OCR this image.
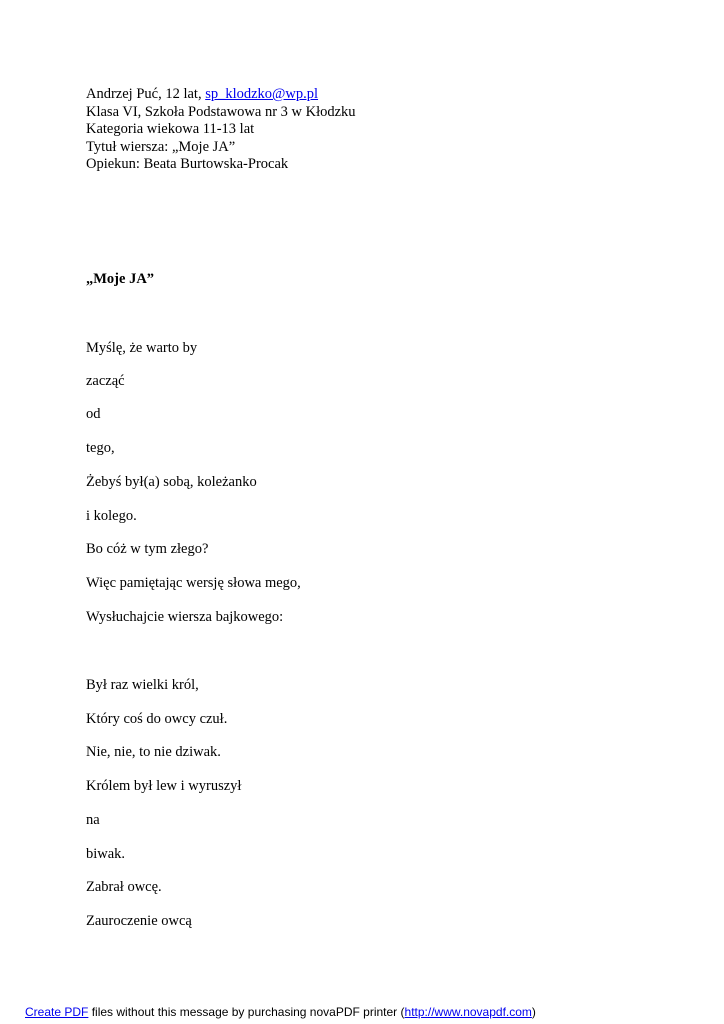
Andrzej Puć, 12 lat, sp_klodzko@wp.pl
Klasa VI, Szkoła Podstawowa nr 3 w Kłodzku
Kategoria wiekowa 11-13 lat
Tytuł wiersza: „Moje JA”
Opiekun: Beata Burtowska-Procak
„Moje JA”
Myślę, że warto by
zacząć
od
tego,
Żebyś był(a) sobą, koleżanko
i kolego.
Bo cóż w tym złego?
Więc pamiętając wersję słowa mego,
Wysłuchajcie wiersza bajkowego:
Był raz wielki król,
Który coś do owcy czuł.
Nie, nie, to nie dziwak.
Królem był lew i wyruszył
na
biwak.
Zabrał owcę.
Zauroczenie owcą
Create PDF files without this message by purchasing novaPDF printer (http://www.novapdf.com)
